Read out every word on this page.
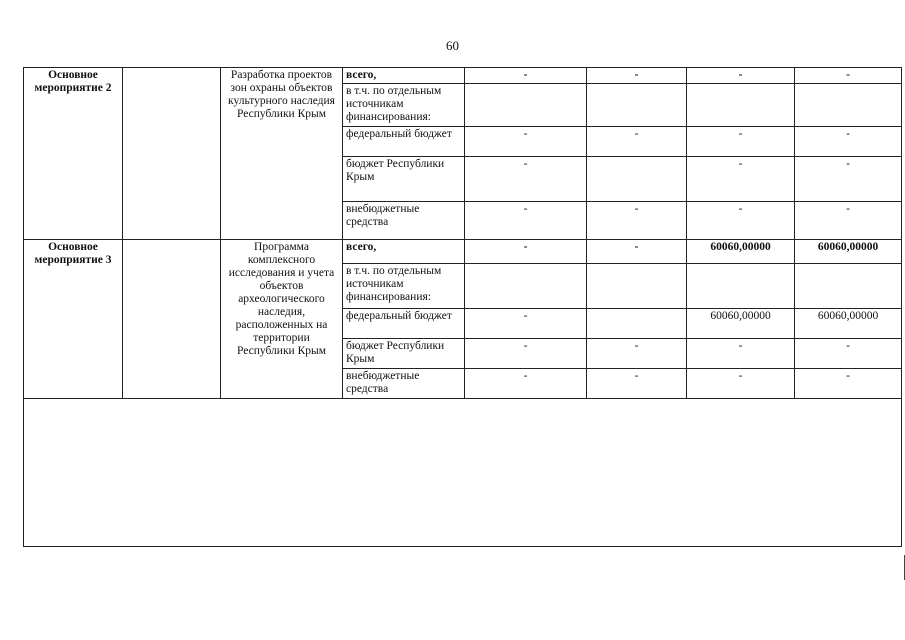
60
Основное мероприятие 2		Разработка проектов зон охраны объектов культурного наследия Республики Крым	всего,	-	-	-	-
			в т.ч. по отдельным источникам финансирования:				
			федеральный бюджет	-	-	-	-
			бюджет Республики Крым	-		-	-
			внебюджетные средства	-	-	-	-
Основное мероприятие 3		Программа комплексного исследования и учета объектов археологического наследия, расположенных на территории Республики Крым	всего,	-	-	60060,00000	60060,00000
			в т.ч. по отдельным источникам финансирования:				
			федеральный бюджет	-		60060,00000	60060,00000
			бюджет Республики Крым	-	-	-	-
			внебюджетные средства	-	-	-	-
